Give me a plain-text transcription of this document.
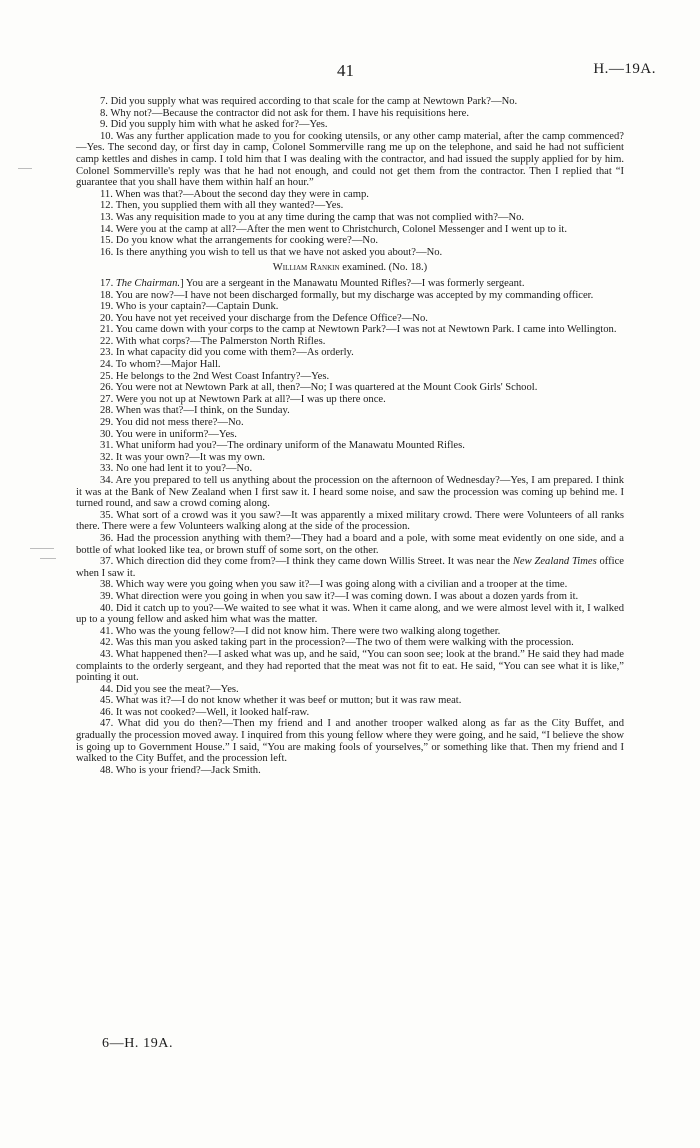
41	H.—19A.

7. Did you supply what was required according to that scale for the camp at Newtown Park?—No.

8. Why not?—Because the contractor did not ask for them. I have his requisitions here.

9. Did you supply him with what he asked for?—Yes.

10. Was any further application made to you for cooking utensils, or any other camp material, after the camp commenced?—Yes. The second day, or first day in camp, Colonel Sommerville rang me up on the telephone, and said he had not sufficient camp kettles and dishes in camp. I told him that I was dealing with the contractor, and had issued the supply applied for by him. Colonel Sommerville's reply was that he had not enough, and could not get them from the contractor. Then I replied that “I guarantee that you shall have them within half an hour.”

11. When was that?—About the second day they were in camp.

12. Then, you supplied them with all they wanted?—Yes.

13. Was any requisition made to you at any time during the camp that was not complied with?—No.

14. Were you at the camp at all?—After the men went to Christchurch, Colonel Messenger and I went up to it.

15. Do you know what the arrangements for cooking were?—No.

16. Is there anything you wish to tell us that we have not asked you about?—No.

William Rankin examined. (No. 18.)

17. The Chairman.] You are a sergeant in the Manawatu Mounted Rifles?—I was formerly sergeant.

18. You are now?—I have not been discharged formally, but my discharge was accepted by my commanding officer.

19. Who is your captain?—Captain Dunk.

20. You have not yet received your discharge from the Defence Office?—No.

21. You came down with your corps to the camp at Newtown Park?—I was not at Newtown Park. I came into Wellington.

22. With what corps?—The Palmerston North Rifles.

23. In what capacity did you come with them?—As orderly.

24. To whom?—Major Hall.

25. He belongs to the 2nd West Coast Infantry?—Yes.

26. You were not at Newtown Park at all, then?—No; I was quartered at the Mount Cook Girls' School.

27. Were you not up at Newtown Park at all?—I was up there once.

28. When was that?—I think, on the Sunday.

29. You did not mess there?—No.

30. You were in uniform?—Yes.

31. What uniform had you?—The ordinary uniform of the Manawatu Mounted Rifles.

32. It was your own?—It was my own.

33. No one had lent it to you?—No.

34. Are you prepared to tell us anything about the procession on the afternoon of Wednesday?—Yes, I am prepared. I think it was at the Bank of New Zealand when I first saw it. I heard some noise, and saw the procession was coming up behind me. I turned round, and saw a crowd coming along.

35. What sort of a crowd was it you saw?—It was apparently a mixed military crowd. There were Volunteers of all ranks there. There were a few Volunteers walking along at the side of the procession.

36. Had the procession anything with them?—They had a board and a pole, with some meat evidently on one side, and a bottle of what looked like tea, or brown stuff of some sort, on the other.

37. Which direction did they come from?—I think they came down Willis Street. It was near the New Zealand Times office when I saw it.

38. Which way were you going when you saw it?—I was going along with a civilian and a trooper at the time.

39. What direction were you going in when you saw it?—I was coming down. I was about a dozen yards from it.

40. Did it catch up to you?—We waited to see what it was. When it came along, and we were almost level with it, I walked up to a young fellow and asked him what was the matter.

41. Who was the young fellow?—I did not know him. There were two walking along together.

42. Was this man you asked taking part in the procession?—The two of them were walking with the procession.

43. What happened then?—I asked what was up, and he said, “You can soon see; look at the brand.” He said they had made complaints to the orderly sergeant, and they had reported that the meat was not fit to eat. He said, “You can see what it is like,” pointing it out.

44. Did you see the meat?—Yes.

45. What was it?—I do not know whether it was beef or mutton; but it was raw meat.

46. It was not cooked?—Well, it looked half-raw.

47. What did you do then?—Then my friend and I and another trooper walked along as far as the City Buffet, and gradually the procession moved away. I inquired from this young fellow where they were going, and he said, “I believe the show is going up to Government House.” I said, “You are making fools of yourselves,” or something like that. Then my friend and I walked to the City Buffet, and the procession left.

48. Who is your friend?—Jack Smith.

6—H. 19A.
